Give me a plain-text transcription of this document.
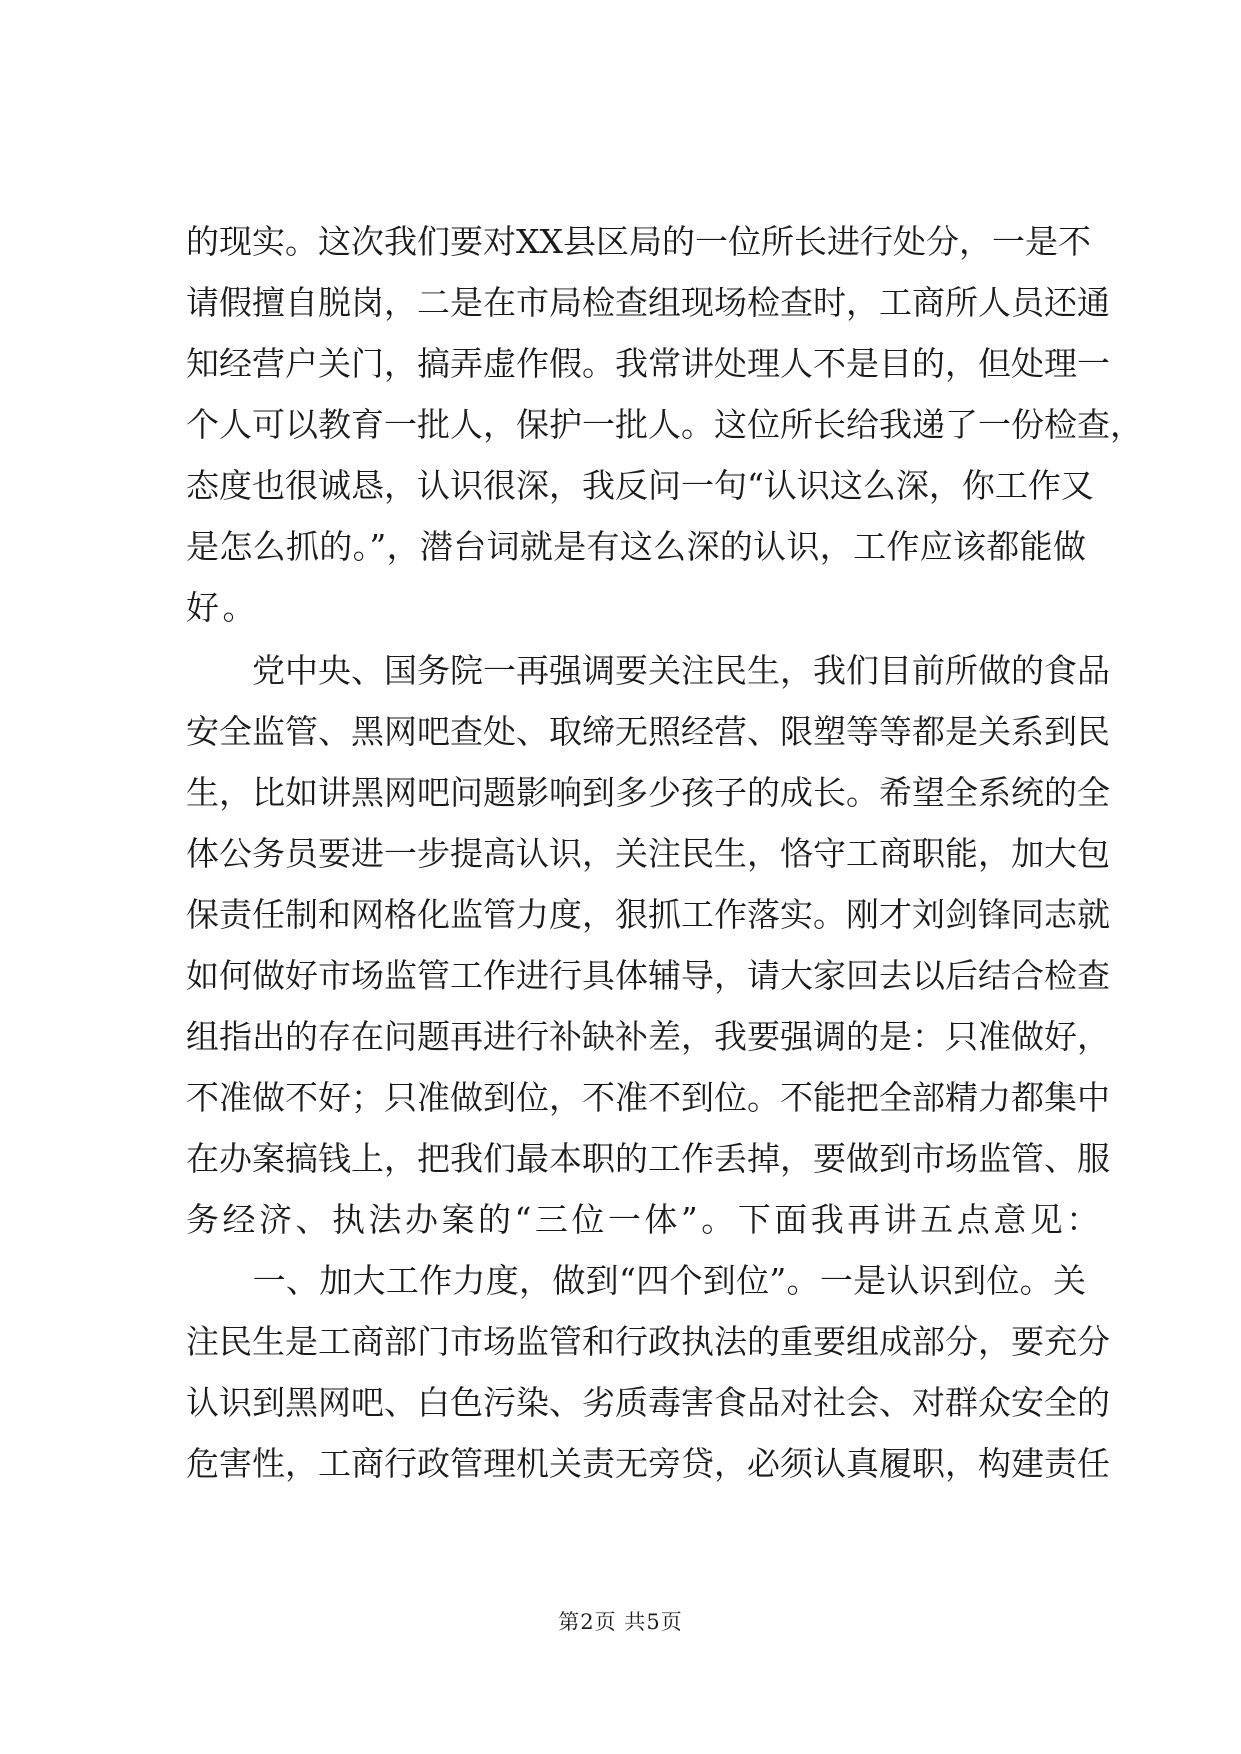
的现实。这次我们要对XX县区局的一位所长进行处分，一是不
请假擅自脱岗，二是在市局检查组现场检查时，工商所人员还通
知经营户关门，搞弄虚作假。我常讲处理人不是目的，但处理一
个人可以教育一批人，保护一批人。这位所长给我递了一份检查，
态度也很诚恳，认识很深，我反问一句“认识这么深，你工作又
是怎么抓的。”，潜台词就是有这么深的认识，工作应该都能做
好。
　　党中央、国务院一再强调要关注民生，我们目前所做的食品
安全监管、黑网吧查处、取缔无照经营、限塑等等都是关系到民
生，比如讲黑网吧问题影响到多少孩子的成长。希望全系统的全
体公务员要进一步提高认识，关注民生，恪守工商职能，加大包
保责任制和网格化监管力度，狠抓工作落实。刚才刘剑锋同志就
如何做好市场监管工作进行具体辅导，请大家回去以后结合检查
组指出的存在问题再进行补缺补差，我要强调的是：只准做好，
不准做不好；只准做到位，不准不到位。不能把全部精力都集中
在办案搞钱上，把我们最本职的工作丢掉，要做到市场监管、服
务经济、执法办案的“三位一体”。下面我再讲五点意见：
　　一、加大工作力度，做到“四个到位”。一是认识到位。关
注民生是工商部门市场监管和行政执法的重要组成部分，要充分
认识到黑网吧、白色污染、劣质毒害食品对社会、对群众安全的
危害性，工商行政管理机关责无旁贷，必须认真履职，构建责任
第2页 共5页
